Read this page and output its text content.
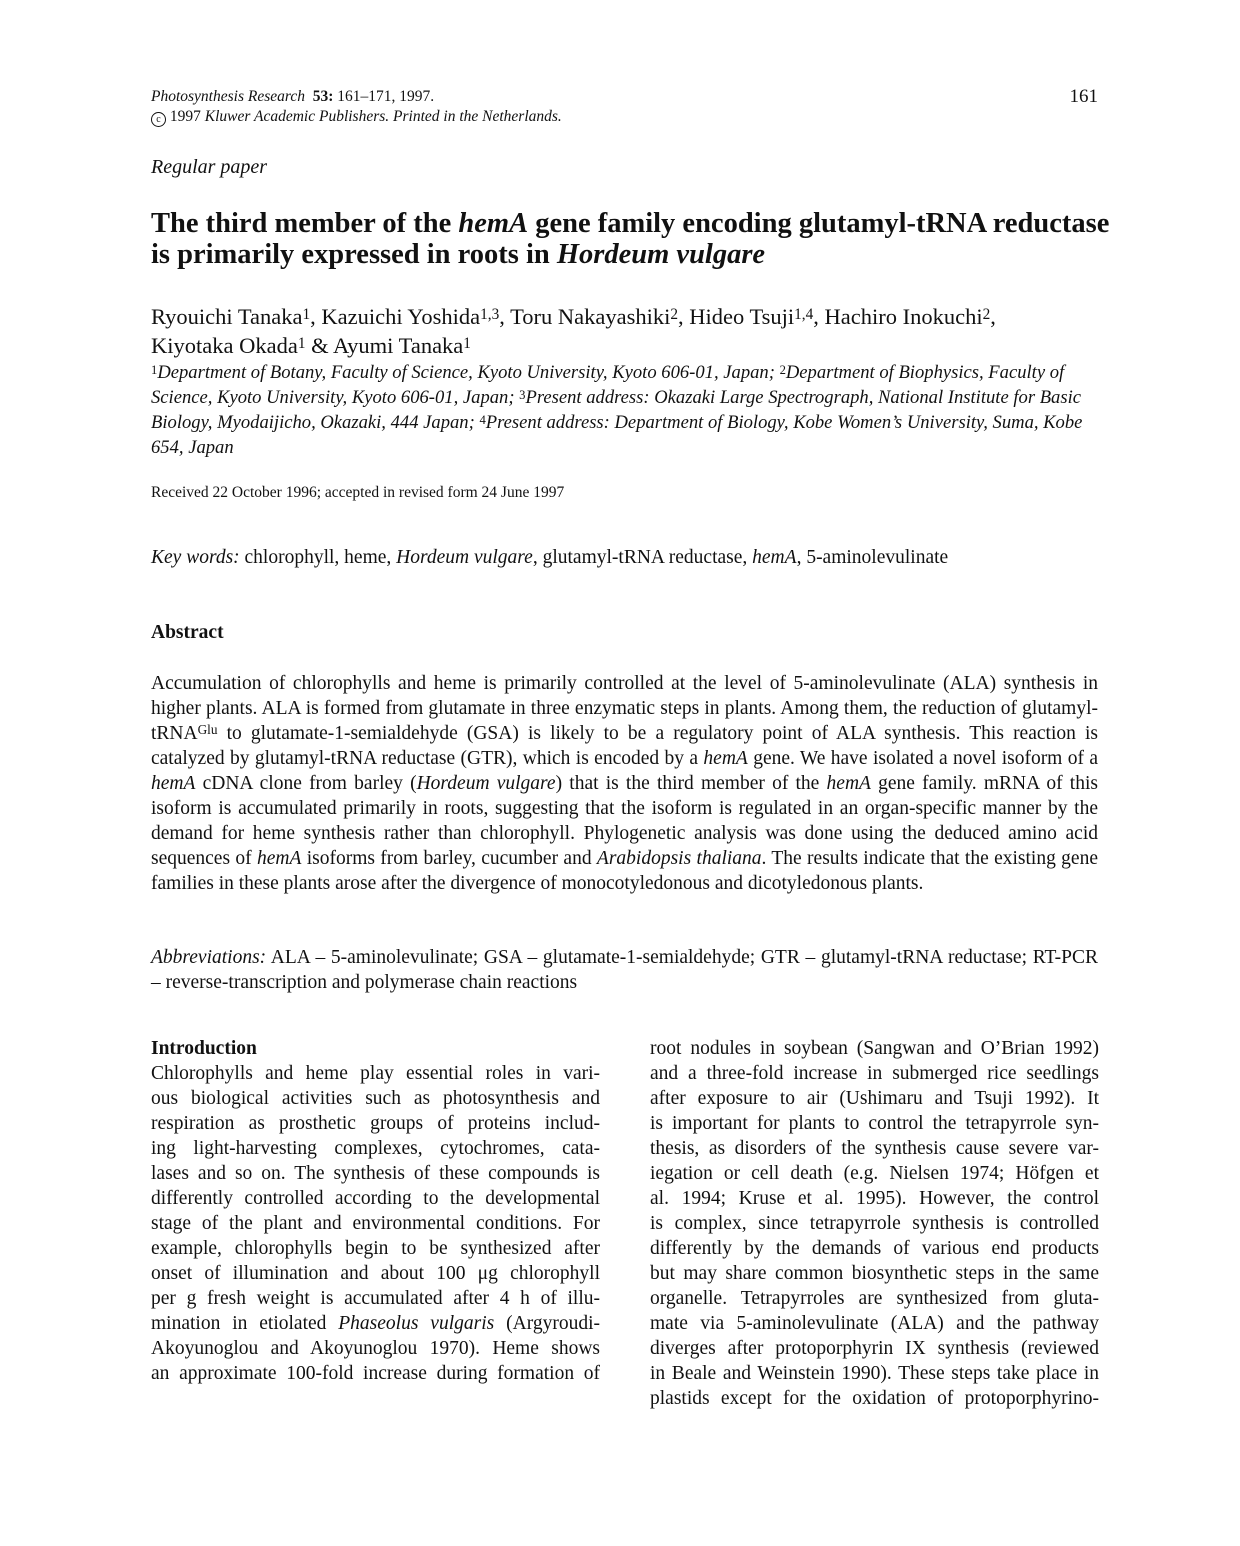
Photosynthesis Research 53: 161–171, 1997.
c 1997 Kluwer Academic Publishers. Printed in the Netherlands.
161
Regular paper
The third member of the hemA gene family encoding glutamyl-tRNA reductase is primarily expressed in roots in Hordeum vulgare
Ryouichi Tanaka$^1$, Kazuichi Yoshida$^{1,3}$, Toru Nakayashiki$^2$, Hideo Tsuji$^{1,4}$, Hachiro Inokuchi$^2$,
Kiyotaka Okada$^1$ & Ayumi Tanaka$^1$
$^1$Department of Botany, Faculty of Science, Kyoto University, Kyoto 606-01, Japan; $^2$Department of Biophysics, Faculty of Science, Kyoto University, Kyoto 606-01, Japan; $^3$Present address: Okazaki Large Spectrograph, National Institute for Basic Biology, Myodaijicho, Okazaki, 444 Japan; $^4$Present address: Department of Biology, Kobe Women’s University, Suma, Kobe 654, Japan
Received 22 October 1996; accepted in revised form 24 June 1997
Key words: chlorophyll, heme, Hordeum vulgare, glutamyl-tRNA reductase, hemA, 5-aminolevulinate
Abstract
Accumulation of chlorophylls and heme is primarily controlled at the level of 5-aminolevulinate (ALA) synthesis in higher plants. ALA is formed from glutamate in three enzymatic steps in plants. Among them, the reduction of glutamyl-tRNA$^{Glu}$ to glutamate-1-semialdehyde (GSA) is likely to be a regulatory point of ALA synthesis. This reaction is catalyzed by glutamyl-tRNA reductase (GTR), which is encoded by a hemA gene. We have isolated a novel isoform of a hemA cDNA clone from barley (Hordeum vulgare) that is the third member of the hemA gene family. mRNA of this isoform is accumulated primarily in roots, suggesting that the isoform is regulated in an organ-specific manner by the demand for heme synthesis rather than chlorophyll. Phylogenetic analysis was done using the deduced amino acid sequences of hemA isoforms from barley, cucumber and Arabidopsis thaliana. The results indicate that the existing gene families in these plants arose after the divergence of monocotyledonous and dicotyledonous plants.
Abbreviations: ALA – 5-aminolevulinate; GSA – glutamate-1-semialdehyde; GTR – glutamyl-tRNA reductase; RT-PCR – reverse-transcription and polymerase chain reactions
Introduction
Chlorophylls and heme play essential roles in vari-
ous biological activities such as photosynthesis and
respiration as prosthetic groups of proteins includ-
ing light-harvesting complexes, cytochromes, cata-
lases and so on. The synthesis of these compounds is
differently controlled according to the developmental
stage of the plant and environmental conditions. For
example, chlorophylls begin to be synthesized after
onset of illumination and about 100 μg chlorophyll
per g fresh weight is accumulated after 4 h of illu-
mination in etiolated Phaseolus vulgaris (Argyroudi-
Akoyunoglou and Akoyunoglou 1970). Heme shows
an approximate 100-fold increase during formation of
root nodules in soybean (Sangwan and O’Brian 1992)
and a three-fold increase in submerged rice seedlings
after exposure to air (Ushimaru and Tsuji 1992). It
is important for plants to control the tetrapyrrole syn-
thesis, as disorders of the synthesis cause severe var-
iegation or cell death (e.g. Nielsen 1974; Höfgen et
al. 1994; Kruse et al. 1995). However, the control
is complex, since tetrapyrrole synthesis is controlled
differently by the demands of various end products
but may share common biosynthetic steps in the same
organelle. Tetrapyrroles are synthesized from gluta-
mate via 5-aminolevulinate (ALA) and the pathway
diverges after protoporphyrin IX synthesis (reviewed
in Beale and Weinstein 1990). These steps take place in
plastids except for the oxidation of protoporphyrino-
